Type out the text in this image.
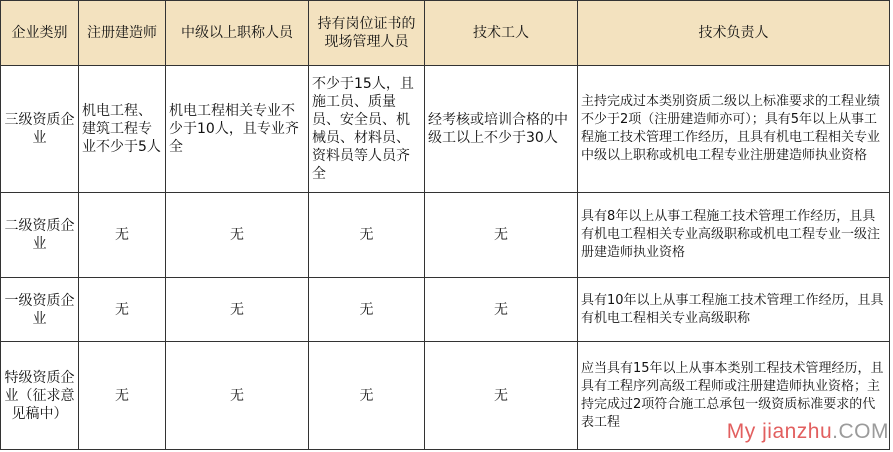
企业类别	注册建造师	中级以上职称人员	持有岗位证书的现场管理人员	技术工人	技术负责人
三级资质企业	机电工程、建筑工程专业不少于5人	机电工程相关专业不少于10人，且专业齐全	不少于15人，且施工员、质量员、安全员、机械员、材料员、资料员等人员齐全	经考核或培训合格的中级工以上不少于30人	主持完成过本类别资质二级以上标准要求的工程业绩不少于2项（注册建造师亦可）；具有5年以上从事工程施工技术管理工作经历，且具有机电工程相关专业中级以上职称或机电工程专业注册建造师执业资格
二级资质企业	无	无	无	无	具有8年以上从事工程施工技术管理工作经历，且具有机电工程相关专业高级职称或机电工程专业一级注册建造师执业资格
一级资质企业	无	无	无	无	具有10年以上从事工程施工技术管理工作经历，且具有机电工程相关专业高级职称
特级资质企业（征求意见稿中）	无	无	无	无	应当具有15年以上从事本类别工程技术管理经历，且具有工程序列高级工程师或注册建造师执业资格；主持完成过2项符合施工总承包一级资质标准要求的代表工程	My jianzhu.COM
